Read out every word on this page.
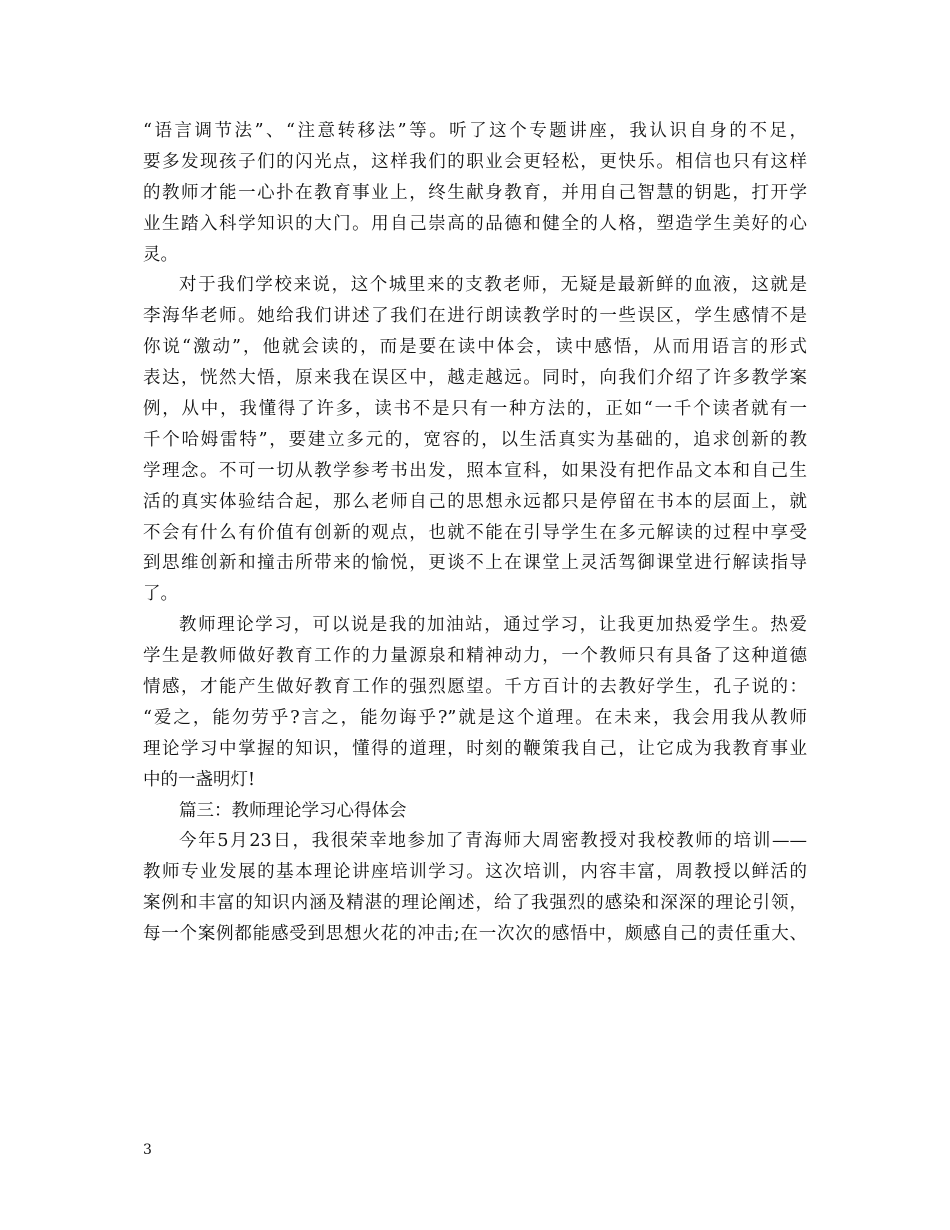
“语言调节法”、“注意转移法”等。听了这个专题讲座，我认识自身的不足，
要多发现孩子们的闪光点，这样我们的职业会更轻松，更快乐。相信也只有这样
的教师才能一心扑在教育事业上，终生献身教育，并用自己智慧的钥匙，打开学
业生踏入科学知识的大门。用自己崇高的品德和健全的人格，塑造学生美好的心
灵。
对于我们学校来说，这个城里来的支教老师，无疑是最新鲜的血液，这就是
李海华老师。她给我们讲述了我们在进行朗读教学时的一些误区，学生感情不是
你说“激动”，他就会读的，而是要在读中体会，读中感悟，从而用语言的形式
表达，恍然大悟，原来我在误区中，越走越远。同时，向我们介绍了许多教学案
例，从中，我懂得了许多，读书不是只有一种方法的，正如“一千个读者就有一
千个哈姆雷特”，要建立多元的，宽容的，以生活真实为基础的，追求创新的教
学理念。不可一切从教学参考书出发，照本宣科，如果没有把作品文本和自己生
活的真实体验结合起，那么老师自己的思想永远都只是停留在书本的层面上，就
不会有什么有价值有创新的观点，也就不能在引导学生在多元解读的过程中享受
到思维创新和撞击所带来的愉悦，更谈不上在课堂上灵活驾御课堂进行解读指导
了。
教师理论学习，可以说是我的加油站，通过学习，让我更加热爱学生。热爱
学生是教师做好教育工作的力量源泉和精神动力，一个教师只有具备了这种道德
情感，才能产生做好教育工作的强烈愿望。千方百计的去教好学生，孔子说的：
“爱之，能勿劳乎?言之，能勿诲乎?”就是这个道理。在未来，我会用我从教师
理论学习中掌握的知识，懂得的道理，时刻的鞭策我自己，让它成为我教育事业
中的一盏明灯!
篇三：教师理论学习心得体会
今年5月23日，我很荣幸地参加了青海师大周密教授对我校教师的培训——
教师专业发展的基本理论讲座培训学习。这次培训，内容丰富，周教授以鲜活的
案例和丰富的知识内涵及精湛的理论阐述，给了我强烈的感染和深深的理论引领，
每一个案例都能感受到思想火花的冲击;在一次次的感悟中，颇感自己的责任重大、
3
